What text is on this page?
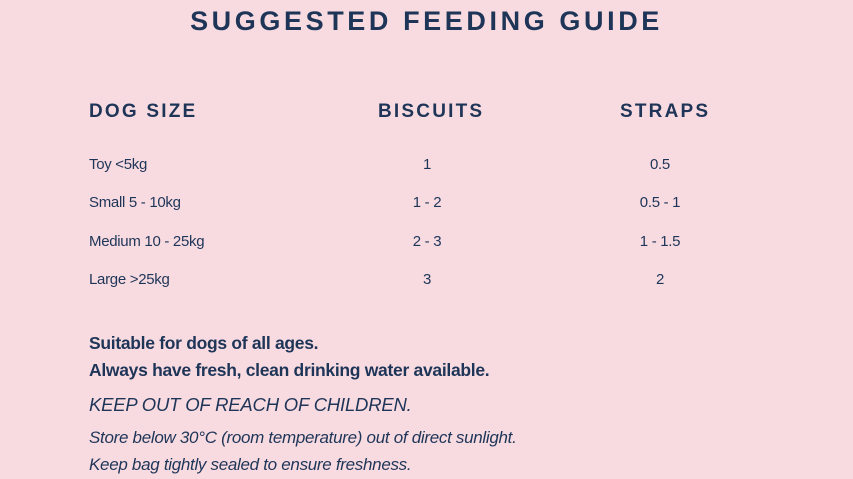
SUGGESTED FEEDING GUIDE
DOG SIZE	BISCUITS	STRAPS
Toy <5kg	1	0.5
Small 5 - 10kg	1 - 2	0.5 - 1
Medium 10 - 25kg	2 - 3	1 - 1.5
Large >25kg	3	2
Suitable for dogs of all ages.
Always have fresh, clean drinking water available.
KEEP OUT OF REACH OF CHILDREN.
Store below 30°C (room temperature) out of direct sunlight.
Keep bag tightly sealed to ensure freshness.
